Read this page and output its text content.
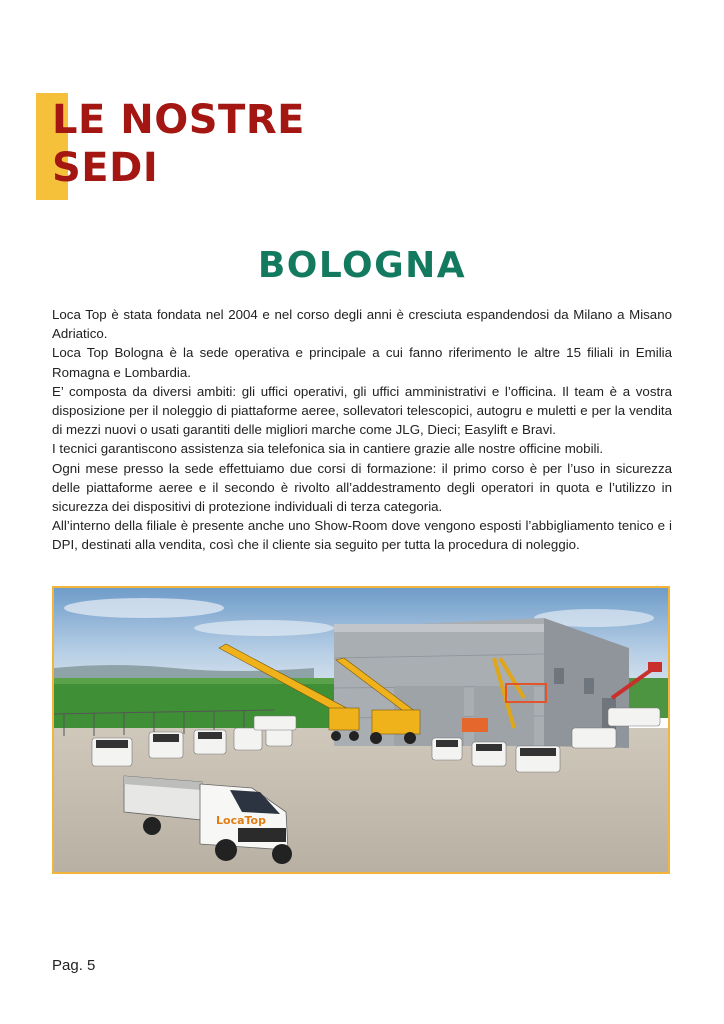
LE NOSTRE
SEDI
BOLOGNA

Loca Top è stata fondata nel 2004 e nel corso degli anni è cresciuta espandendosi da Milano a Misano Adriatico.

Loca Top Bologna è la sede operativa e principale a cui fanno riferimento le altre 15 filiali in Emilia Romagna e Lombardia.

E’ composta da diversi ambiti: gli uffici operativi, gli uffici amministrativi e l’officina. Il team è a vostra disposizione per il noleggio di piattaforme aeree, sollevatori telescopici, autogru e muletti e per la vendita di mezzi nuovi o usati garantiti delle migliori marche come JLG, Dieci; Easylift e Bravi.

I tecnici garantiscono assistenza sia telefonica sia in cantiere grazie alle nostre officine mobili.

Ogni mese presso la sede effettuiamo due corsi di formazione: il primo corso è per l’uso in sicurezza delle piattaforme aeree e il secondo è rivolto all’addestramento degli operatori in quota e l’utilizzo in sicurezza dei dispositivi di protezione individuali di terza categoria.

All’interno della filiale è presente anche uno Show-Room dove vengono esposti l’abbigliamento tenico e i DPI, destinati alla vendita, così che il cliente sia seguito per tutta la procedura di noleggio.

LocaTop
Pag. 5
